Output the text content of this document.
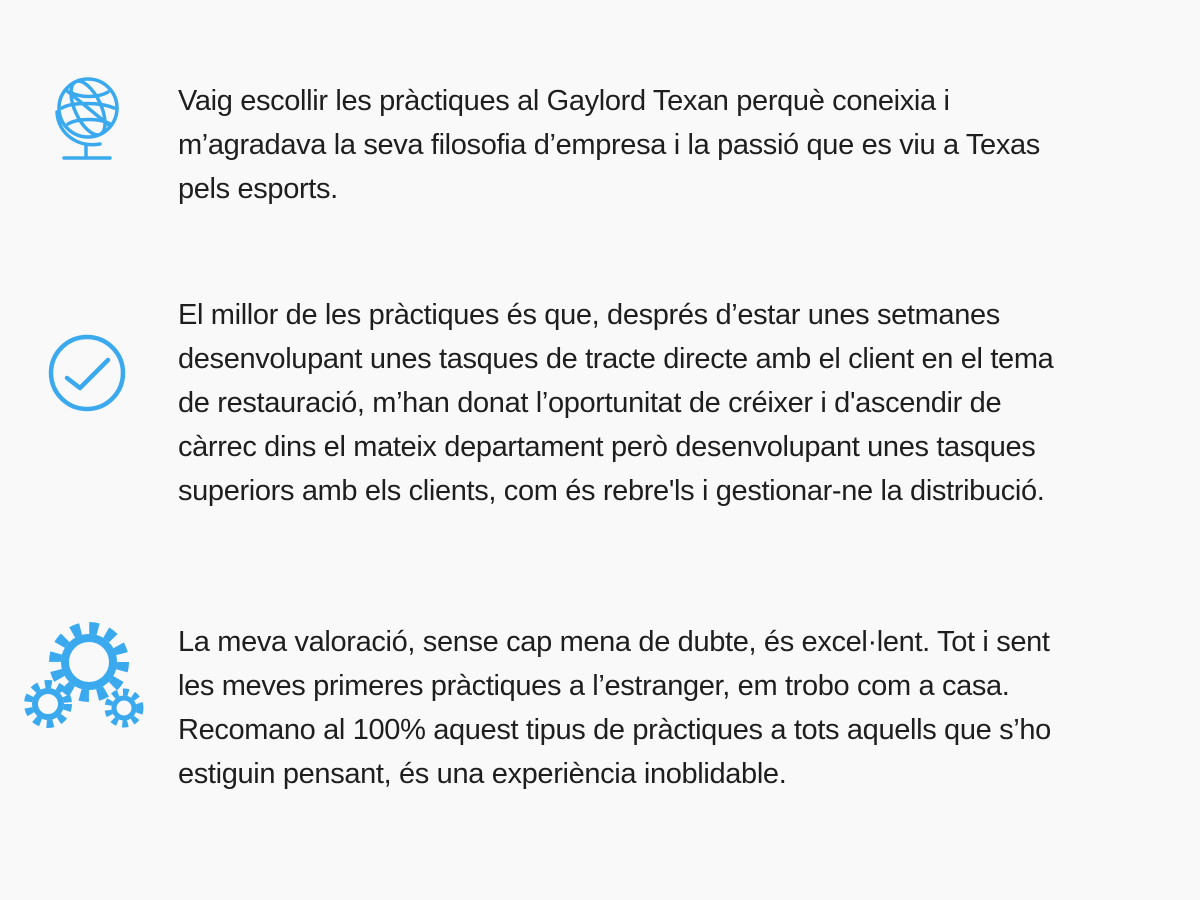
Vaig escollir les pràctiques al Gaylord Texan perquè coneixia i
m’agradava la seva filosofia d’empresa i la passió que es viu a Texas
pels esports.

El millor de les pràctiques és que, després d’estar unes setmanes
desenvolupant unes tasques de tracte directe amb el client en el tema
de restauració, m’han donat l’oportunitat de créixer i d'ascendir de
càrrec dins el mateix departament però desenvolupant unes tasques
superiors amb els clients, com és rebre'ls i gestionar-ne la distribució.

La meva valoració, sense cap mena de dubte, és excel·lent. Tot i sent
les meves primeres pràctiques a l’estranger, em trobo com a casa.
Recomano al 100% aquest tipus de pràctiques a tots aquells que s’ho
estiguin pensant, és una experiència inoblidable.
